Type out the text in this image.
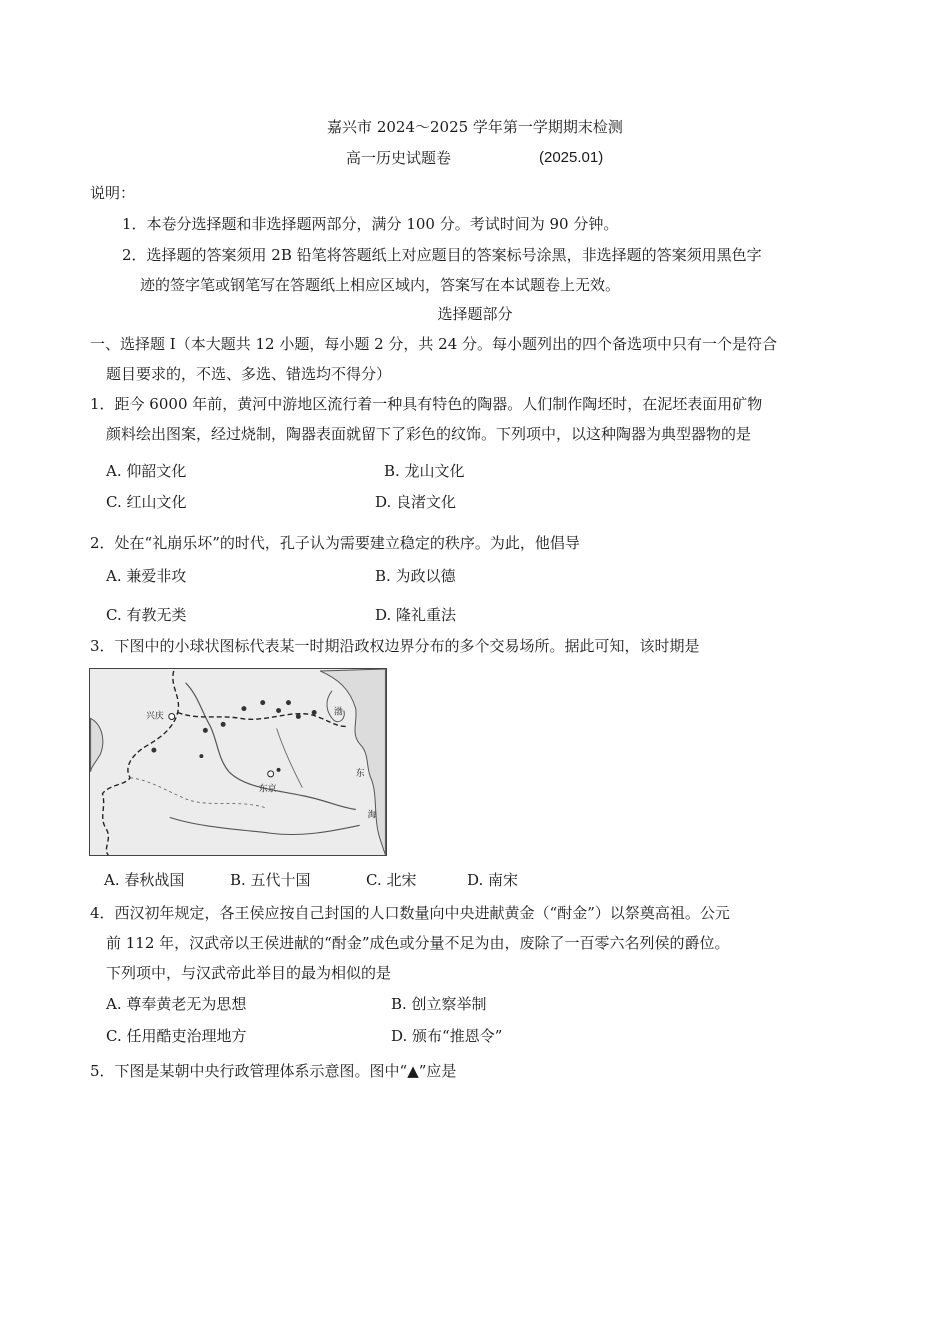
嘉兴市 2024～2025 学年第一学期期末检测
高一历史试题卷	(2025.01)
说明：
1．本卷分选择题和非选择题两部分，满分 100 分。考试时间为 90 分钟。
2．选择题的答案须用 2B 铅笔将答题纸上对应题目的答案标号涂黑，非选择题的答案须用黑色字
迹的签字笔或钢笔写在答题纸上相应区域内，答案写在本试题卷上无效。
选择题部分
一、选择题 I（本大题共 12 小题，每小题 2 分，共 24 分。每小题列出的四个备选项中只有一个是符合
题目要求的，不选、多选、错选均不得分）
1．距今 6000 年前，黄河中游地区流行着一种具有特色的陶器。人们制作陶坯时，在泥坯表面用矿物
颜料绘出图案，经过烧制，陶器表面就留下了彩色的纹饰。下列项中，以这种陶器为典型器物的是
A. 仰韶文化	B. 龙山文化
C. 红山文化	D. 良渚文化
2．处在“礼崩乐坏”的时代，孔子认为需要建立稳定的秩序。为此，他倡导
A. 兼爱非攻	B. 为政以德
C. 有教无类	D. 隆礼重法
3．下图中的小球状图标代表某一时期沿政权边界分布的多个交易场所。据此可知，该时期是
兴庆
东京
渤
海
东
A. 春秋战国	B. 五代十国	C. 北宋	D. 南宋
4．西汉初年规定，各王侯应按自己封国的人口数量向中央进献黄金（“酎金”）以祭奠高祖。公元
前 112 年，汉武帝以王侯进献的“酎金”成色或分量不足为由，废除了一百零六名列侯的爵位。
下列项中，与汉武帝此举目的最为相似的是
A. 尊奉黄老无为思想	B. 创立察举制
C. 任用酷吏治理地方	D. 颁布“推恩令”
5．下图是某朝中央行政管理体系示意图。图中“▲”应是
